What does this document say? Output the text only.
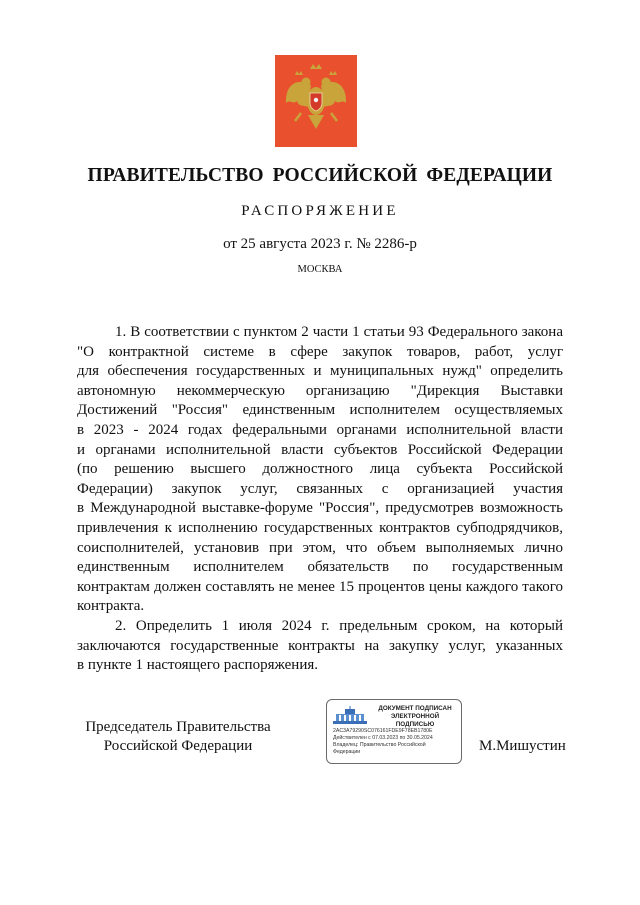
ПРАВИТЕЛЬСТВО РОССИЙСКОЙ ФЕДЕРАЦИИ
РАСПОРЯЖЕНИЕ
от 25 августа 2023 г. № 2286-р
МОСКВА

1. В соответствии с пунктом 2 части 1 статьи 93 Федерального закона
"О контрактной системе в сфере закупок товаров, работ, услуг
для обеспечения государственных и муниципальных нужд" определить
автономную некоммерческую организацию "Дирекция Выставки
Достижений "Россия" единственным исполнителем осуществляемых
в 2023 - 2024 годах федеральными органами исполнительной власти
и органами исполнительной власти субъектов Российской Федерации
(по решению высшего должностного лица субъекта Российской
Федерации) закупок услуг, связанных с организацией участия
в Международной выставке-форуме "Россия", предусмотрев возможность
привлечения к исполнению государственных контрактов субподрядчиков,
соисполнителей, установив при этом, что объем выполняемых лично
единственным исполнителем обязательств по государственным
контрактам должен составлять не менее 15 процентов цены каждого такого
контракта.

2. Определить 1 июля 2024 г. предельным сроком, на который
заключаются государственные контракты на закупку услуг, указанных
в пункте 1 настоящего распоряжения.

Председатель Правительства
Российской Федерации
ДОКУМЕНТ ПОДПИСАН
ЭЛЕКТРОННОЙ ПОДПИСЬЮ
2AC3A79290SC076161FDE9F78EB1780E
Действителен с 07.03.2023 по 30.05.2024
Владелец: Правительство Российской
Федерации	М.Мишустин
